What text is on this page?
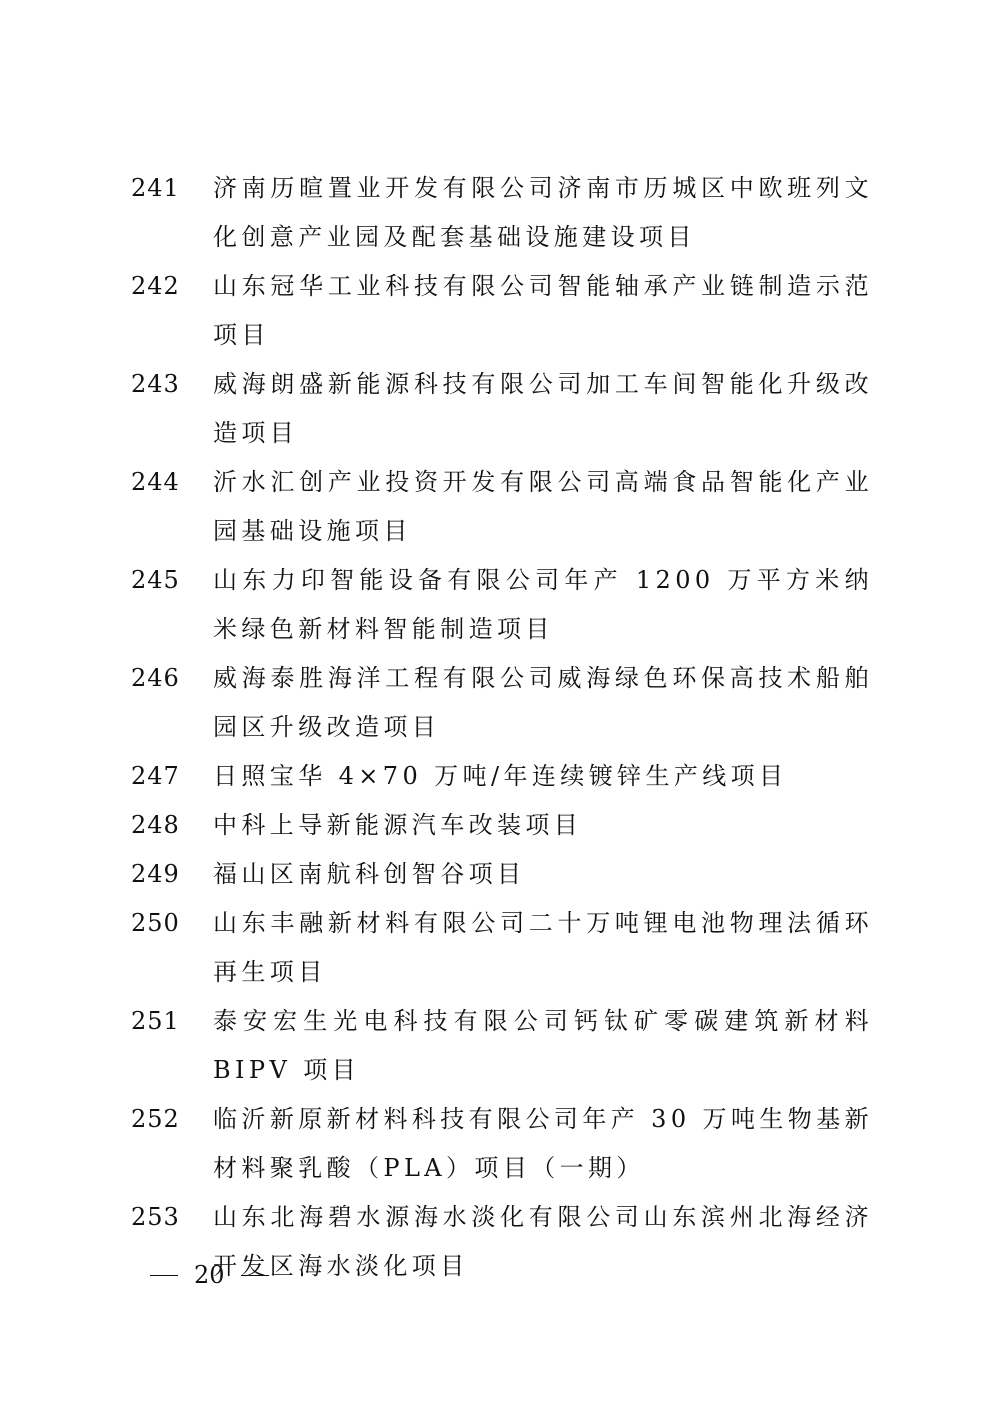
241 济南历暄置业开发有限公司济南市历城区中欧班列文化创意产业园及配套基础设施建设项目
242 山东冠华工业科技有限公司智能轴承产业链制造示范项目
243 威海朗盛新能源科技有限公司加工车间智能化升级改造项目
244 沂水汇创产业投资开发有限公司高端食品智能化产业园基础设施项目
245 山东力印智能设备有限公司年产 1200 万平方米纳米绿色新材料智能制造项目
246 威海泰胜海洋工程有限公司威海绿色环保高技术船舶园区升级改造项目
247 日照宝华 4×70 万吨/年连续镀锌生产线项目
248 中科上导新能源汽车改装项目
249 福山区南航科创智谷项目
250 山东丰融新材料有限公司二十万吨锂电池物理法循环再生项目
251 泰安宏生光电科技有限公司钙钛矿零碳建筑新材料 BIPV 项目
252 临沂新原新材料科技有限公司年产 30 万吨生物基新材料聚乳酸（PLA）项目（一期）
253 山东北海碧水源海水淡化有限公司山东滨州北海经济开发区海水淡化项目
20
